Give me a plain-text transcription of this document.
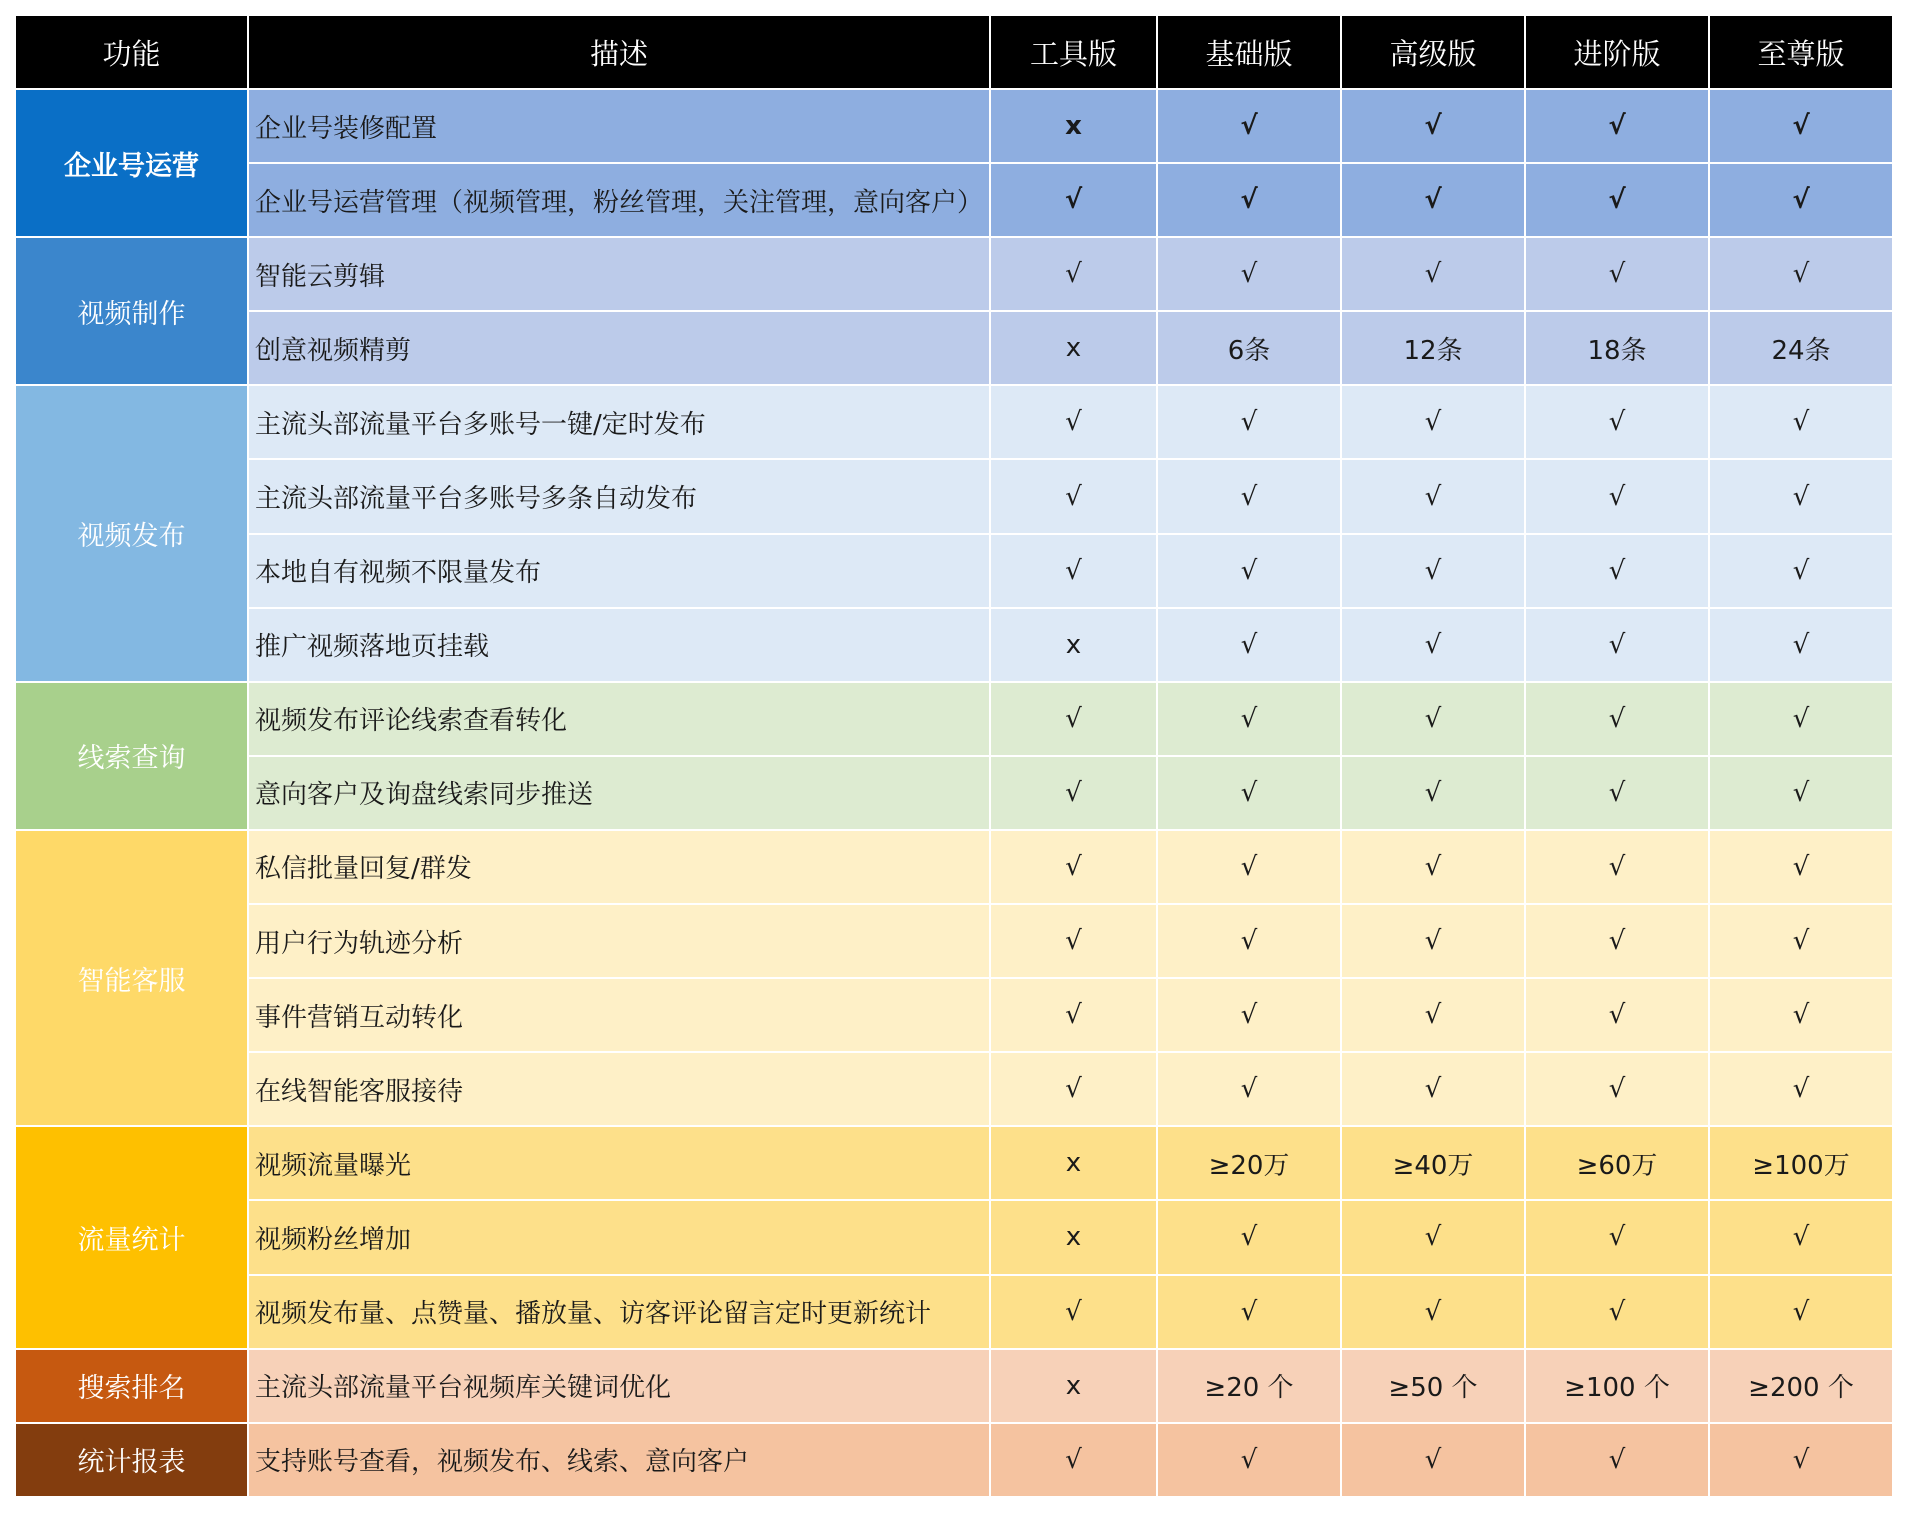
功能	描述	工具版	基础版	高级版	进阶版	至尊版
企业号运营	企业号装修配置	x	√	√	√	√
	企业号运营管理（视频管理，粉丝管理，关注管理，意向客户）	√	√	√	√	√
视频制作	智能云剪辑	√	√	√	√	√
	创意视频精剪	x	6条	12条	18条	24条
视频发布	主流头部流量平台多账号一键/定时发布	√	√	√	√	√
	主流头部流量平台多账号多条自动发布	√	√	√	√	√
	本地自有视频不限量发布	√	√	√	√	√
	推广视频落地页挂载	x	√	√	√	√
线索查询	视频发布评论线索查看转化	√	√	√	√	√
	意向客户及询盘线索同步推送	√	√	√	√	√
智能客服	私信批量回复/群发	√	√	√	√	√
	用户行为轨迹分析	√	√	√	√	√
	事件营销互动转化	√	√	√	√	√
	在线智能客服接待	√	√	√	√	√
流量统计	视频流量曝光	x	≥20万	≥40万	≥60万	≥100万
	视频粉丝增加	x	√	√	√	√
	视频发布量、点赞量、播放量、访客评论留言定时更新统计	√	√	√	√	√
搜索排名	主流头部流量平台视频库关键词优化	x	≥20 个	≥50 个	≥100 个	≥200 个
统计报表	支持账号查看，视频发布、线索、意向客户	√	√	√	√	√
